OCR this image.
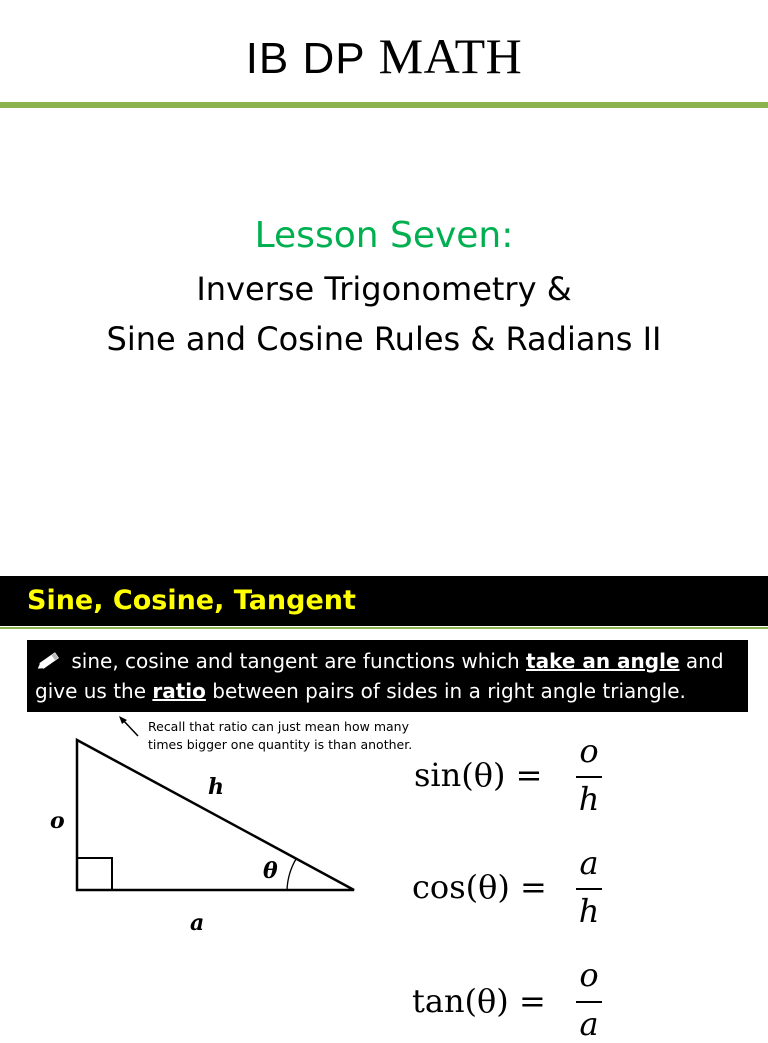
IB DP MATH
Lesson Seven:
Inverse Trigonometry &
Sine and Cosine Rules & Radians II
Sine, Cosine, Tangent
sine, cosine and tangent are functions which take an angle and give us the ratio between pairs of sides in a right angle triangle.
Recall that ratio can just mean how many
times bigger one quantity is than another.
o
h
a
θ
sin(θ) =
o
h
cos(θ) =
a
h
tan(θ) =
o
a
